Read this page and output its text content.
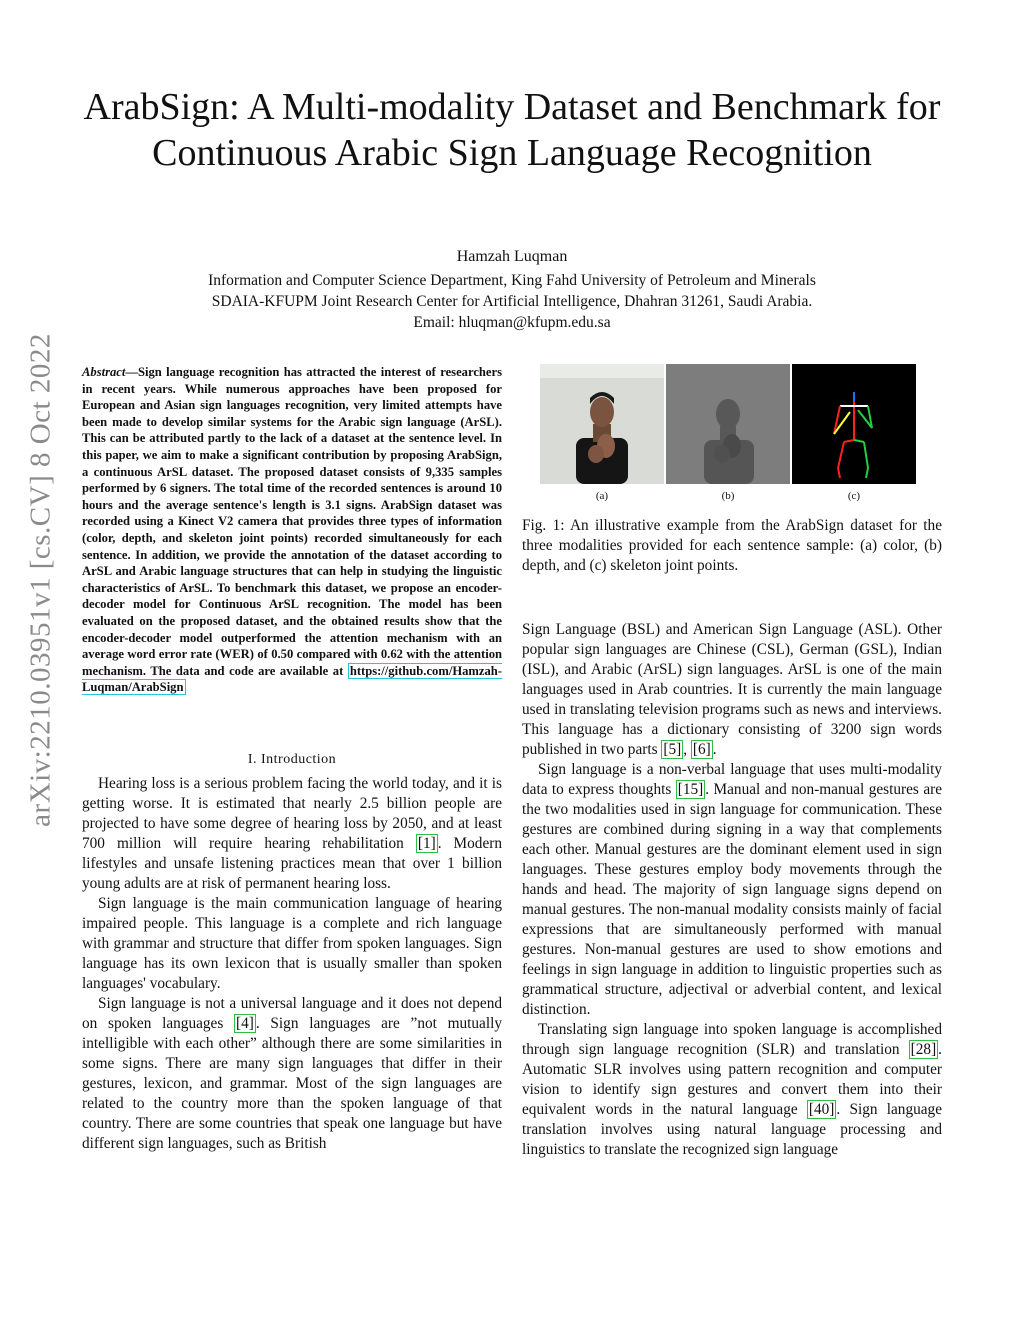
ArabSign: A Multi-modality Dataset and Benchmark for Continuous Arabic Sign Language Recognition
Hamzah Luqman
Information and Computer Science Department, King Fahd University of Petroleum and Minerals
SDAIA-KFUPM Joint Research Center for Artificial Intelligence, Dhahran 31261, Saudi Arabia.
Email: hluqman@kfupm.edu.sa
arXiv:2210.03951v1 [cs.CV] 8 Oct 2022 Abstract—Sign language recognition has attracted the interest of researchers in recent years. While numerous approaches have been proposed for European and Asian sign languages recognition, very limited attempts have been made to develop similar systems for the Arabic sign language (ArSL). This can be attributed partly to the lack of a dataset at the sentence level. In this paper, we aim to make a significant contribution by proposing ArabSign, a continuous ArSL dataset. The proposed dataset consists of 9,335 samples performed by 6 signers. The total time of the recorded sentences is around 10 hours and the average sentence's length is 3.1 signs. ArabSign dataset was recorded using a Kinect V2 camera that provides three types of information (color, depth, and skeleton joint points) recorded simultaneously for each sentence. In addition, we provide the annotation of the dataset according to ArSL and Arabic language structures that can help in studying the linguistic characteristics of ArSL. To benchmark this dataset, we propose an encoder-decoder model for Continuous ArSL recognition. The model has been evaluated on the proposed dataset, and the obtained results show that the encoder-decoder model outperformed the attention mechanism with an average word error rate (WER) of 0.50 compared with 0.62 with the attention mechanism. The data and code are available at https://github.com/Hamzah-Luqman/ArabSign
I. Introduction

Hearing loss is a serious problem facing the world today, and it is getting worse. It is estimated that nearly 2.5 billion people are projected to have some degree of hearing loss by 2050, and at least 700 million will require hearing rehabilitation [1] . Modern lifestyles and unsafe listening practices mean that over 1 billion young adults are at risk of permanent hearing loss.

Sign language is the main communication language of hearing impaired people. This language is a complete and rich language with grammar and structure that differ from spoken languages. Sign language has its own lexicon that is usually smaller than spoken languages' vocabulary.

Sign language is not a universal language and it does not depend on spoken languages [4] . Sign languages are ”not mutually intelligible with each other” although there are some similarities in some signs. There are many sign languages that differ in their gestures, lexicon, and grammar. Most of the sign languages are related to the country more than the spoken language of that country. There are some countries that speak one language but have different sign languages, such as British

(a)	(b)	(c)
Fig. 1: An illustrative example from the ArabSign dataset for the three modalities provided for each sentence sample: (a) color, (b) depth, and (c) skeleton joint points.

Sign Language (BSL) and American Sign Language (ASL). Other popular sign languages are Chinese (CSL), German (GSL), Indian (ISL), and Arabic (ArSL) sign languages. ArSL is one of the main languages used in Arab countries. It is currently the main language used in translating television programs such as news and interviews. This language has a dictionary consisting of 3200 sign words published in two parts [5] , [6] .

Sign language is a non-verbal language that uses multi-modality data to express thoughts [15] . Manual and non-manual gestures are the two modalities used in sign language for communication. These gestures are combined during signing in a way that complements each other. Manual gestures are the dominant element used in sign languages. These gestures employ body movements through the hands and head. The majority of sign language signs depend on manual gestures. The non-manual modality consists mainly of facial expressions that are simultaneously performed with manual gestures. Non-manual gestures are used to show emotions and feelings in sign language in addition to linguistic properties such as grammatical structure, adjectival or adverbial content, and lexical distinction.

Translating sign language into spoken language is accomplished through sign language recognition (SLR) and translation [28] . Automatic SLR involves using pattern recognition and computer vision to identify sign gestures and convert them into their equivalent words in the natural language [40] . Sign language translation involves using natural language processing and linguistics to translate the recognized sign language
